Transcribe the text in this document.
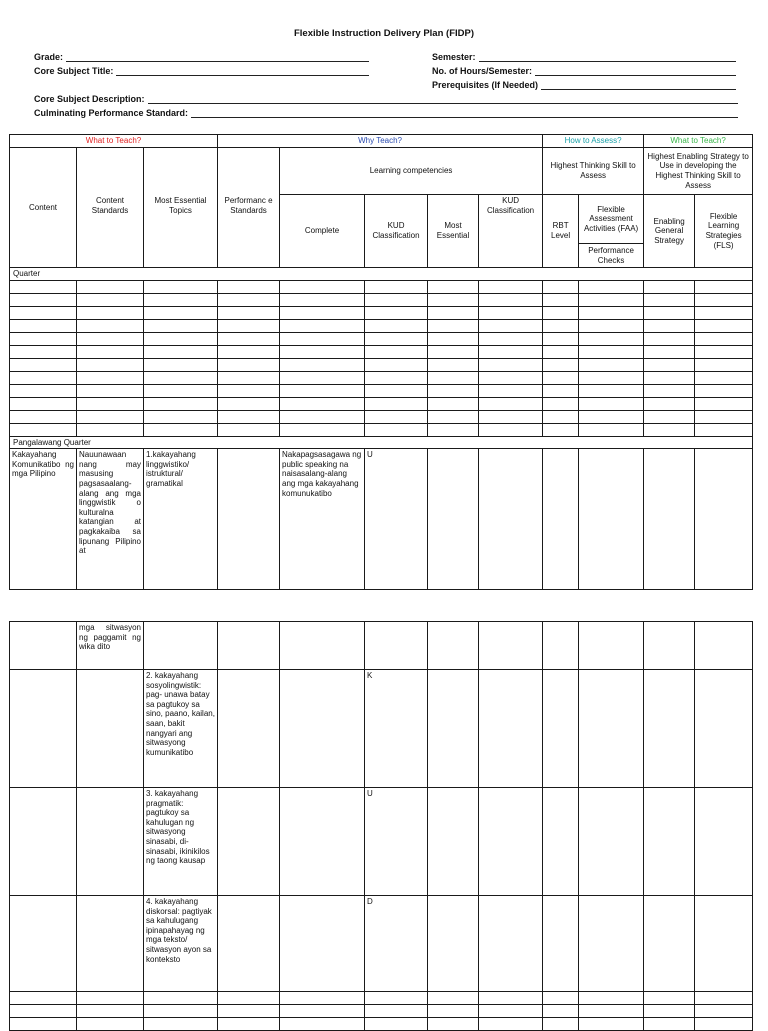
Flexible Instruction Delivery Plan (FIDP)
Grade:
Core Subject Title:
Semester:
No. of Hours/Semester:
Prerequisites (If Needed)
Core Subject Description:
Culminating Performance Standard:
What to Teach?			Why Teach?					How to Assess?		What to Teach?	
Content	Content Standards	Most Essential Topics	Performanc e Standards	Learning competencies				Highest Thinking Skill to Assess		Highest Enabling Strategy to Use in developing the Highest Thinking Skill to Assess	
				Complete	KUD Classification	Most Essential	KUD Classification	RBT Level	Flexible Assessment Activities (FAA)	Enabling General Strategy	Flexible Learning Strategies (FLS)
									Performance Checks		
Quarter											

Pangalawang Quarter											
Kakayahang Komunikatibo ng mga Pilipino	Nauunawaan nang may masusing pagsasaalang-alang ang mga linggwistik o kulturalna katangian at pagkakaiba sa lipunang Pilipino at	1.kakayahang linggwistiko/ istruktural/ gramatikal		Nakapagsasagawa ng public speaking na naisasalang-alang ang mga kakayahang komunukatibo	U						
	mga sitwasyon ng paggamit ng wika dito										
		2. kakayahang sosyolingwistik: pag- unawa batay sa pagtukoy sa sino, paano, kailan, saan, bakit nangyari ang sitwasyong kumunikatibo			K						
		3. kakayahang pragmatik: pagtukoy sa kahulugan ng sitwasyong sinasabi, di-sinasabi, ikinikilos ng taong kausap			U						
		4. kakayahang diskorsal: pagtiyak sa kahulugang ipinapahayag ng mga teksto/ sitwasyon ayon sa konteksto			D						
